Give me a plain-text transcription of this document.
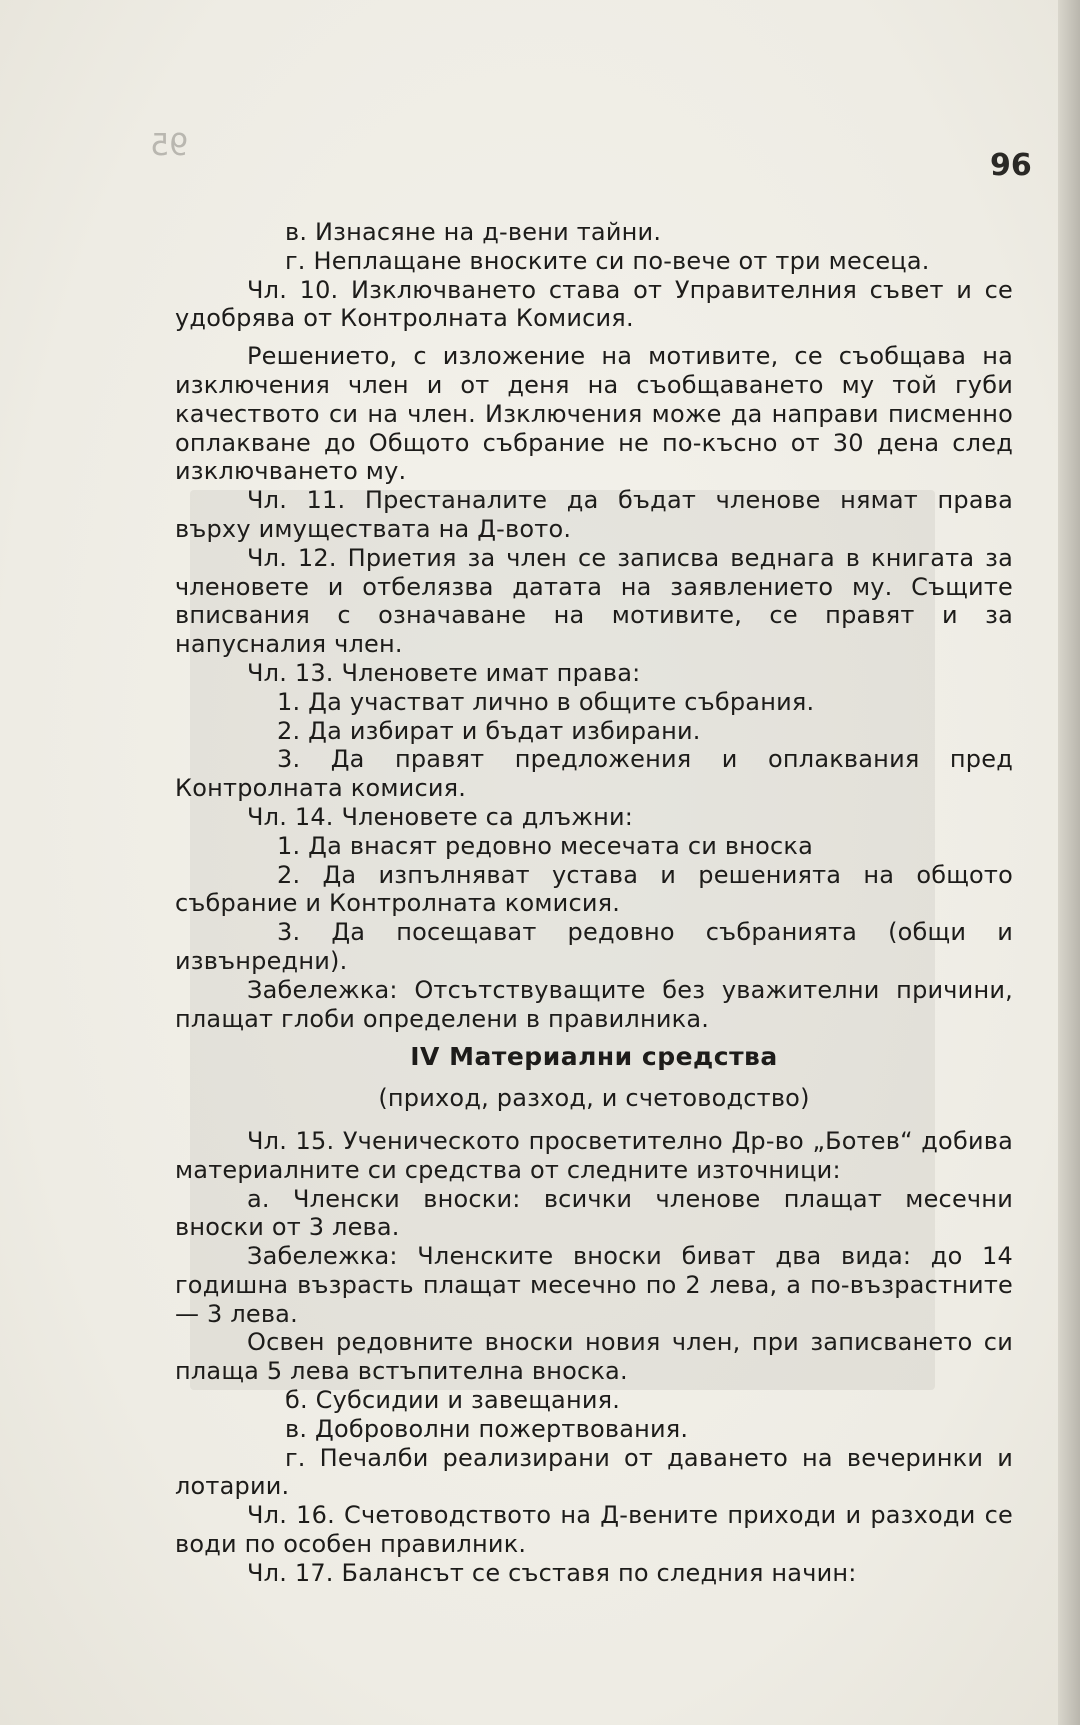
95
96

в. Изнасяне на д-вени тайни.

г. Неплащане вноските си по-вече от три месеца.

Чл. 10. Изключването става от Управителния съвет и се удобрява от Контролната Комисия.

Решението, с изложение на мотивите, се съобщава на изключения член и от деня на съобщаването му той губи качеството си на член. Изключения може да направи писменно оплакване до Общото събрание не по-късно от 30 дена след изключването му.

Чл. 11. Престаналите да бъдат членове нямат права върху имуществата на Д-вото.

Чл. 12. Приетия за член се записва веднага в книгата за членовете и отбелязва датата на заявлението му. Същите вписвания с означаване на мотивите, се правят и за напусналия член.

Чл. 13. Членовете имат права:

1. Да участват лично в общите събрания.

2. Да избират и бъдат избирани.

3. Да правят предложения и оплаквания пред Контролната комисия.

Чл. 14. Членовете са длъжни:

1. Да внасят редовно месечата си вноска

2. Да изпълняват устава и решенията на общото събрание и Контролната комисия.

3. Да посещават редовно събранията (общи и извънредни).

Забележка: Отсътствуващите без уважителни причини, плащат глоби определени в правилника.

IV Материални средства

(приход, разход, и счетоводство)

Чл. 15. Ученическото просветително Др-во „Ботев“ добива материалните си средства от следните източници:

а. Членски вноски: всички членове плащат месечни вноски от 3 лева.

Забележка: Членските вноски биват два вида: до 14 годишна възрасть плащат месечно по 2 лева, а по-възрастните — 3 лева.

Освен редовните вноски новия член, при записването си плаща 5 лева встъпителна вноска.

б. Субсидии и завещания.

в. Доброволни пожертвования.

г. Печалби реализирани от даването на вечеринки и лотарии.

Чл. 16. Счетоводството на Д-вените приходи и разходи се води по особен правилник.

Чл. 17. Балансът се съставя по следния начин:
